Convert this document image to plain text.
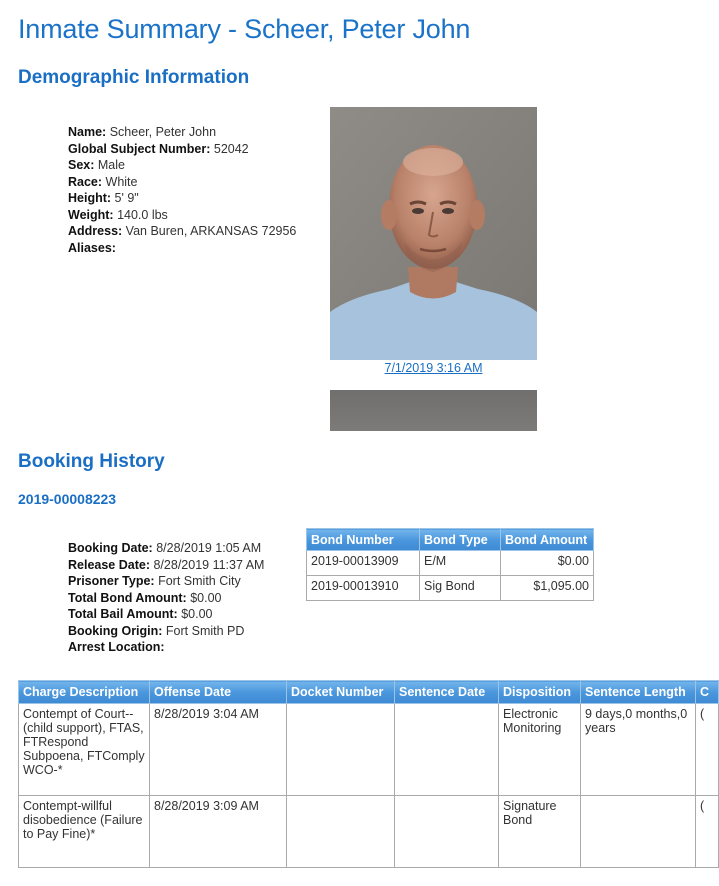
Inmate Summary - Scheer, Peter John
Demographic Information
Name: Scheer, Peter John
Global Subject Number: 52042
Sex: Male
Race: White
Height: 5' 9"
Weight: 140.0 lbs
Address: Van Buren, ARKANSAS 72956
Aliases:
7/1/2019 3:16 AM
Booking History
2019-00008223
Booking Date: 8/28/2019 1:05 AM
Release Date: 8/28/2019 11:37 AM
Prisoner Type: Fort Smith City
Total Bond Amount: $0.00
Total Bail Amount: $0.00
Booking Origin: Fort Smith PD
Arrest Location:
Bond Number	Bond Type	Bond Amount
2019-00013909	E/M	$0.00
2019-00013910	Sig Bond	$1,095.00
Charge Description	Offense Date	Docket Number	Sentence Date	Disposition	Sentence Length	C
Contempt of Court--(child support), FTAS, FTRespond Subpoena, FTComply WCO-*	8/28/2019 3:04 AM			Electronic Monitoring	9 days,0 months,0 years	(
Contempt-willful disobedience (Failure to Pay Fine)*	8/28/2019 3:09 AM			Signature Bond		(
